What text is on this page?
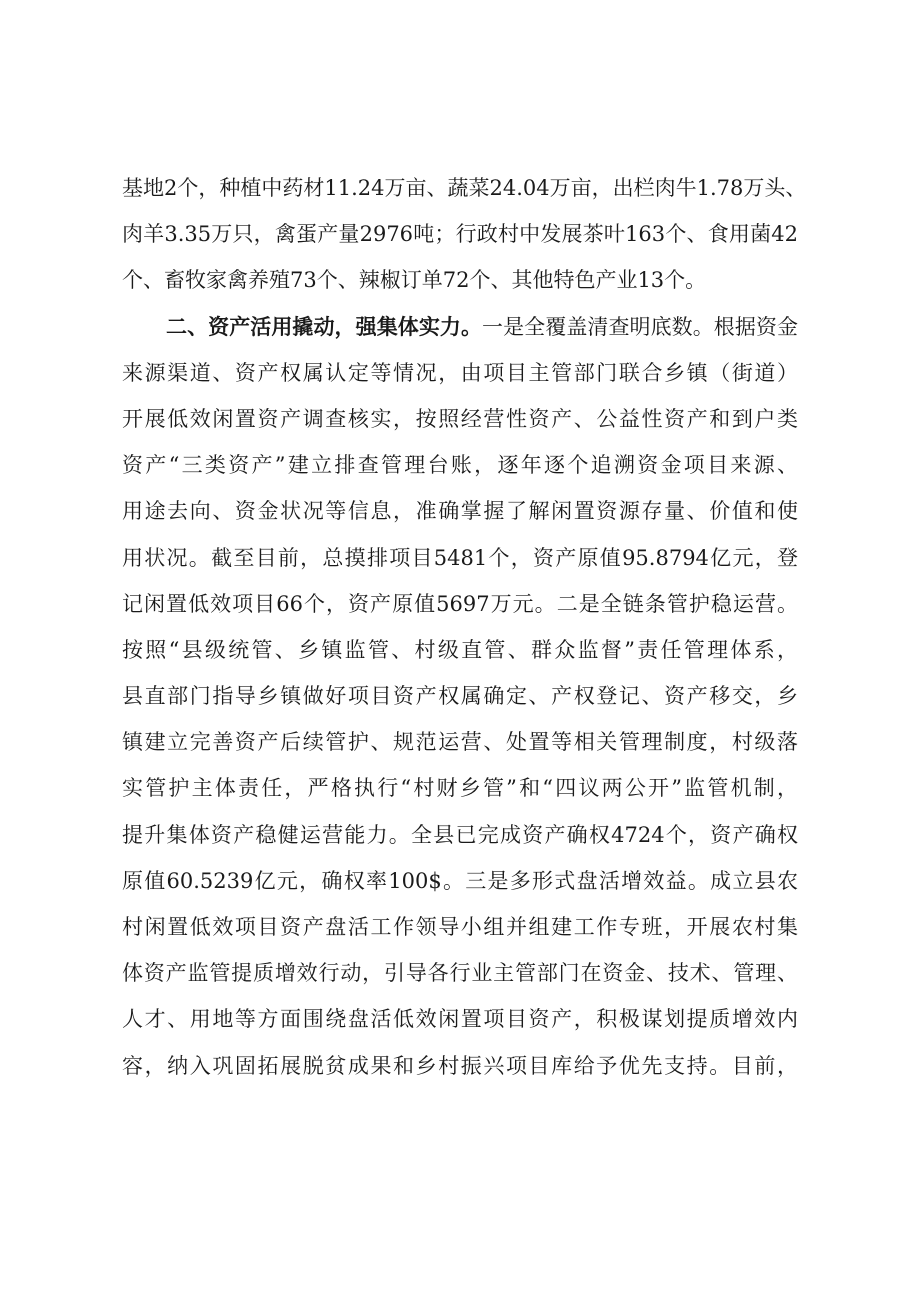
基地2个，种植中药材11.24万亩、蔬菜24.04万亩，出栏肉牛1.78万头、
肉羊3.35万只，禽蛋产量2976吨；行政村中发展茶叶163个、食用菌42
个、畜牧家禽养殖73个、辣椒订单72个、其他特色产业13个。
二、资产活用撬动，强集体实力。一是全覆盖清查明底数。根据资金
来源渠道、资产权属认定等情况，由项目主管部门联合乡镇（街道）
开展低效闲置资产调查核实，按照经营性资产、公益性资产和到户类
资产“三类资产”建立排查管理台账，逐年逐个追溯资金项目来源、
用途去向、资金状况等信息，准确掌握了解闲置资源存量、价值和使
用状况。截至目前，总摸排项目5481个，资产原值95.8794亿元，登
记闲置低效项目66个，资产原值5697万元。二是全链条管护稳运营。
按照“县级统管、乡镇监管、村级直管、群众监督”责任管理体系，
县直部门指导乡镇做好项目资产权属确定、产权登记、资产移交，乡
镇建立完善资产后续管护、规范运营、处置等相关管理制度，村级落
实管护主体责任，严格执行“村财乡管”和“四议两公开”监管机制，
提升集体资产稳健运营能力。全县已完成资产确权4724个，资产确权
原值60.5239亿元，确权率100$。三是多形式盘活增效益。成立县农
村闲置低效项目资产盘活工作领导小组并组建工作专班，开展农村集
体资产监管提质增效行动，引导各行业主管部门在资金、技术、管理、
人才、用地等方面围绕盘活低效闲置项目资产，积极谋划提质增效内
容，纳入巩固拓展脱贫成果和乡村振兴项目库给予优先支持。目前，
